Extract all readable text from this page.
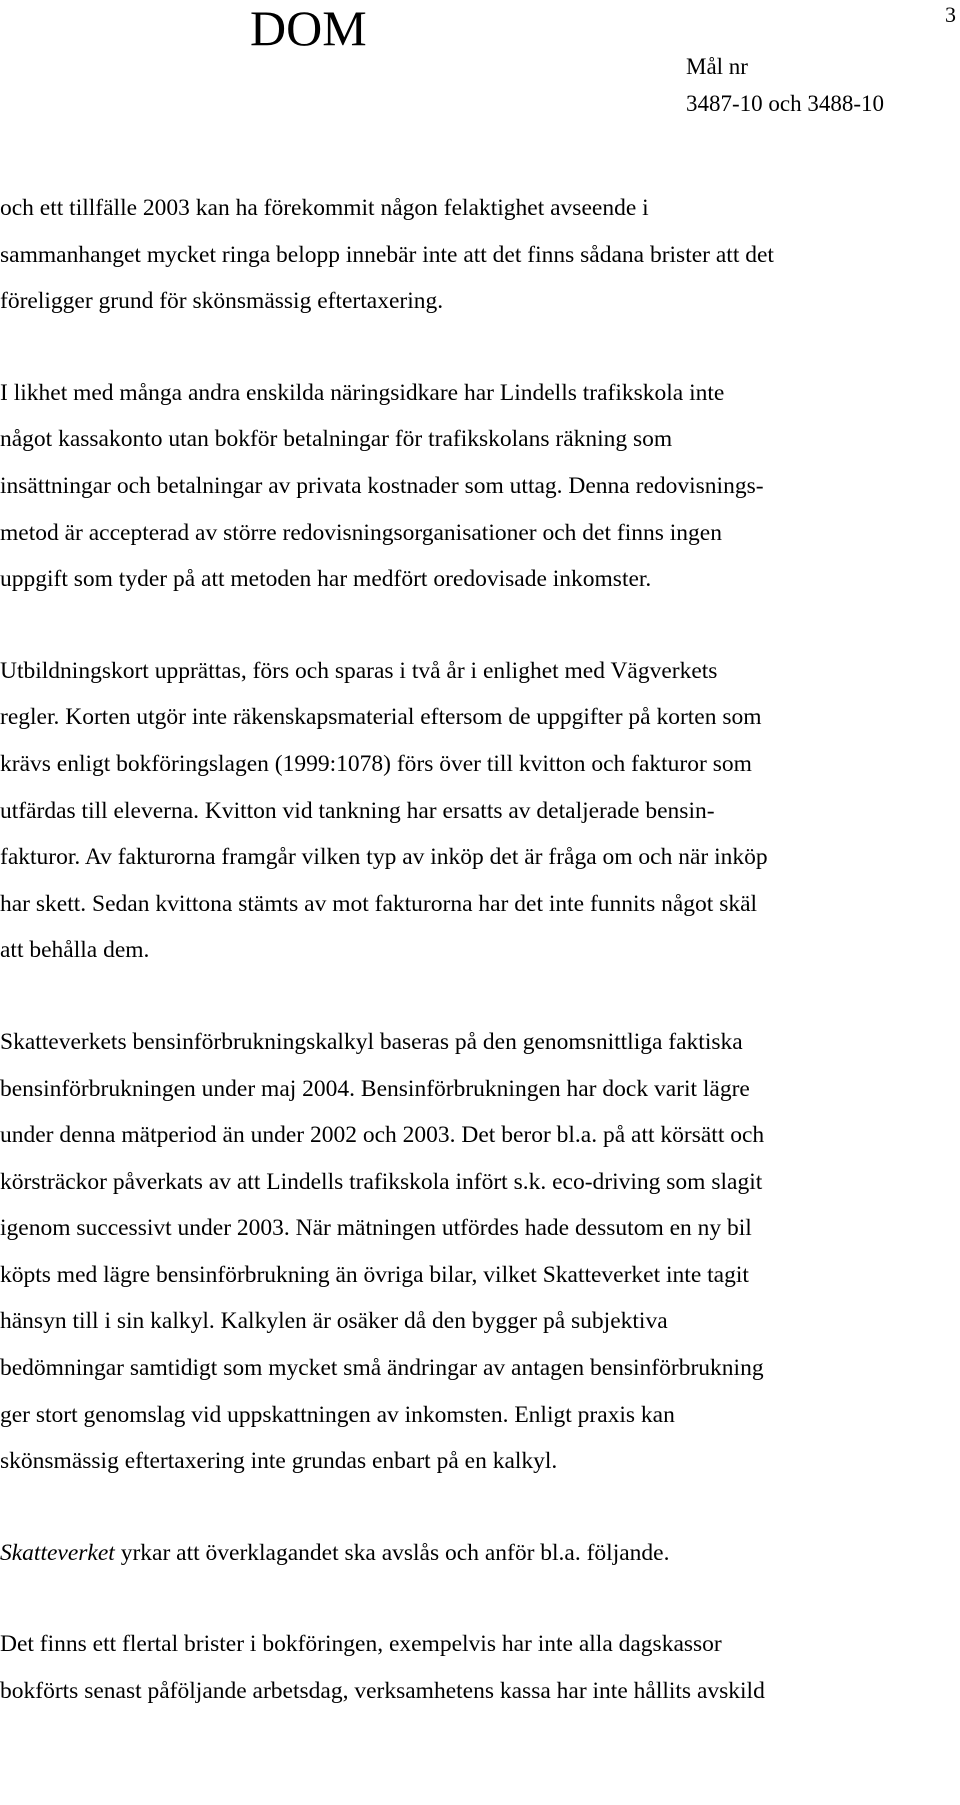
DOM	3
Mål nr
3487-10 och 3488-10

och ett tillfälle 2003 kan ha förekommit någon felaktighet avseende i
sammanhanget mycket ringa belopp innebär inte att det finns sådana brister att det
föreligger grund för skönsmässig eftertaxering.

I likhet med många andra enskilda näringsidkare har Lindells trafikskola inte
något kassakonto utan bokför betalningar för trafikskolans räkning som
insättningar och betalningar av privata kostnader som uttag. Denna redovisnings-
metod är accepterad av större redovisningsorganisationer och det finns ingen
uppgift som tyder på att metoden har medfört oredovisade inkomster.

Utbildningskort upprättas, förs och sparas i två år i enlighet med Vägverkets
regler. Korten utgör inte räkenskapsmaterial eftersom de uppgifter på korten som
krävs enligt bokföringslagen (1999:1078) förs över till kvitton och fakturor som
utfärdas till eleverna. Kvitton vid tankning har ersatts av detaljerade bensin-
fakturor. Av fakturorna framgår vilken typ av inköp det är fråga om och när inköp
har skett. Sedan kvittona stämts av mot fakturorna har det inte funnits något skäl
att behålla dem.

Skatteverkets bensinförbrukningskalkyl baseras på den genomsnittliga faktiska
bensinförbrukningen under maj 2004. Bensinförbrukningen har dock varit lägre
under denna mätperiod än under 2002 och 2003. Det beror bl.a. på att körsätt och
körsträckor påverkats av att Lindells trafikskola infört s.k. eco-driving som slagit
igenom successivt under 2003. När mätningen utfördes hade dessutom en ny bil
köpts med lägre bensinförbrukning än övriga bilar, vilket Skatteverket inte tagit
hänsyn till i sin kalkyl. Kalkylen är osäker då den bygger på subjektiva
bedömningar samtidigt som mycket små ändringar av antagen bensinförbrukning
ger stort genomslag vid uppskattningen av inkomsten. Enligt praxis kan
skönsmässig eftertaxering inte grundas enbart på en kalkyl.

Skatteverket yrkar att överklagandet ska avslås och anför bl.a. följande.

Det finns ett flertal brister i bokföringen, exempelvis har inte alla dagskassor
bokförts senast påföljande arbetsdag, verksamhetens kassa har inte hållits avskild
